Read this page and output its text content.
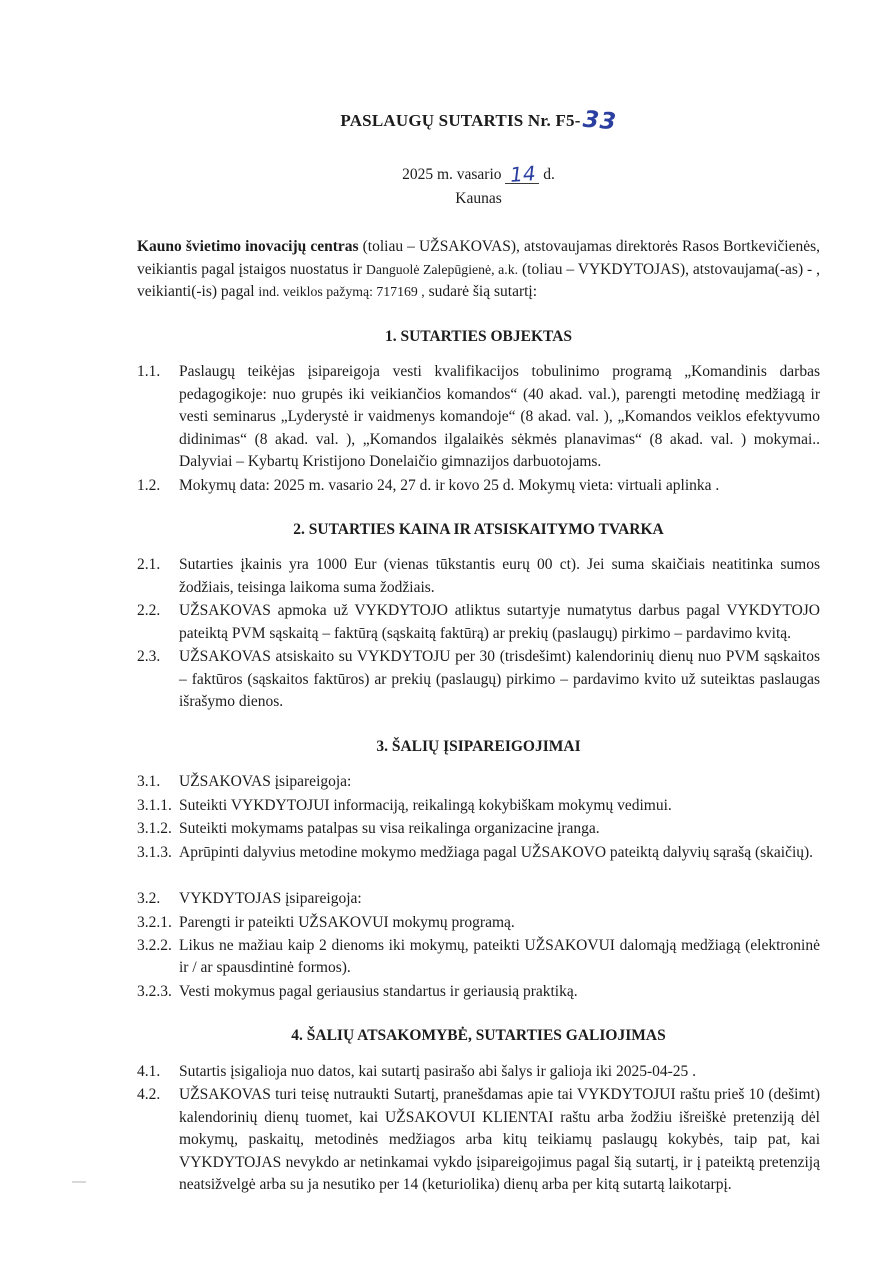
PASLAUGŲ SUTARTIS Nr. F5-33
2025 m. vasario 14 d.
Kaunas

Kauno švietimo inovacijų centras (toliau – UŽSAKOVAS), atstovaujamas direktorės Rasos Bortkevičienės, veikiantis pagal įstaigos nuostatus ir Danguolė Zalepūgienė, a.k. (toliau – VYKDYTOJAS), atstovaujama(-as) - , veikianti(-is) pagal ind. veiklos pažymą: 717169 , sudarė šią sutartį:

1. SUTARTIES OBJEKTAS
1.1.	Paslaugų teikėjas įsipareigoja vesti kvalifikacijos tobulinimo programą „Komandinis darbas pedagogikoje: nuo grupės iki veikiančios komandos“ (40 akad. val.), parengti metodinę medžiagą ir vesti seminarus „Lyderystė ir vaidmenys komandoje“ (8 akad. val. ), „Komandos veiklos efektyvumo didinimas“ (8 akad. val. ), „Komandos ilgalaikės sėkmės planavimas“ (8 akad. val. ) mokymai.. Dalyviai – Kybartų Kristijono Donelaičio gimnazijos darbuotojams.
1.2.	Mokymų data: 2025 m. vasario 24, 27 d. ir kovo 25 d. Mokymų vieta: virtuali aplinka .
2. SUTARTIES KAINA IR ATSISKAITYMO TVARKA
2.1.	Sutarties įkainis yra 1000 Eur (vienas tūkstantis eurų 00 ct). Jei suma skaičiais neatitinka sumos žodžiais, teisinga laikoma suma žodžiais.
2.2.	UŽSAKOVAS apmoka už VYKDYTOJO atliktus sutartyje numatytus darbus pagal VYKDYTOJO pateiktą PVM sąskaitą – faktūrą (sąskaitą faktūrą) ar prekių (paslaugų) pirkimo – pardavimo kvitą.
2.3.	UŽSAKOVAS atsiskaito su VYKDYTOJU per 30 (trisdešimt) kalendorinių dienų nuo PVM sąskaitos – faktūros (sąskaitos faktūros) ar prekių (paslaugų) pirkimo – pardavimo kvito už suteiktas paslaugas išrašymo dienos.
3. ŠALIŲ ĮSIPAREIGOJIMAI
3.1.	UŽSAKOVAS įsipareigoja:
3.1.1. Suteikti VYKDYTOJUI informaciją, reikalingą kokybiškam mokymų vedimui.
3.1.2. Suteikti mokymams patalpas su visa reikalinga organizacine įranga.
3.1.3. Aprūpinti dalyvius metodine mokymo medžiaga pagal UŽSAKOVO pateiktą dalyvių sąrašą (skaičių).
3.2.	VYKDYTOJAS įsipareigoja:
3.2.1. Parengti ir pateikti UŽSAKOVUI mokymų programą.
3.2.2. Likus ne mažiau kaip 2 dienoms iki mokymų, pateikti UŽSAKOVUI dalomąją medžiagą (elektroninė ir / ar spausdintinė formos).
3.2.3. Vesti mokymus pagal geriausius standartus ir geriausią praktiką.
4. ŠALIŲ ATSAKOMYBĖ, SUTARTIES GALIOJIMAS
4.1.	Sutartis įsigalioja nuo datos, kai sutartį pasirašo abi šalys ir galioja iki 2025-04-25 .
4.2.	UŽSAKOVAS turi teisę nutraukti Sutartį, pranešdamas apie tai VYKDYTOJUI raštu prieš 10 (dešimt) kalendorinių dienų tuomet, kai UŽSAKOVUI KLIENTAI raštu arba žodžiu išreiškė pretenziją dėl mokymų, paskaitų, metodinės medžiagos arba kitų teikiamų paslaugų kokybės, taip pat, kai VYKDYTOJAS nevykdo ar netinkamai vykdo įsipareigojimus pagal šią sutartį, ir į pateiktą pretenziją neatsižvelgė arba su ja nesutiko per 14 (keturiolika) dienų arba per kitą sutartą laikotarpį.
